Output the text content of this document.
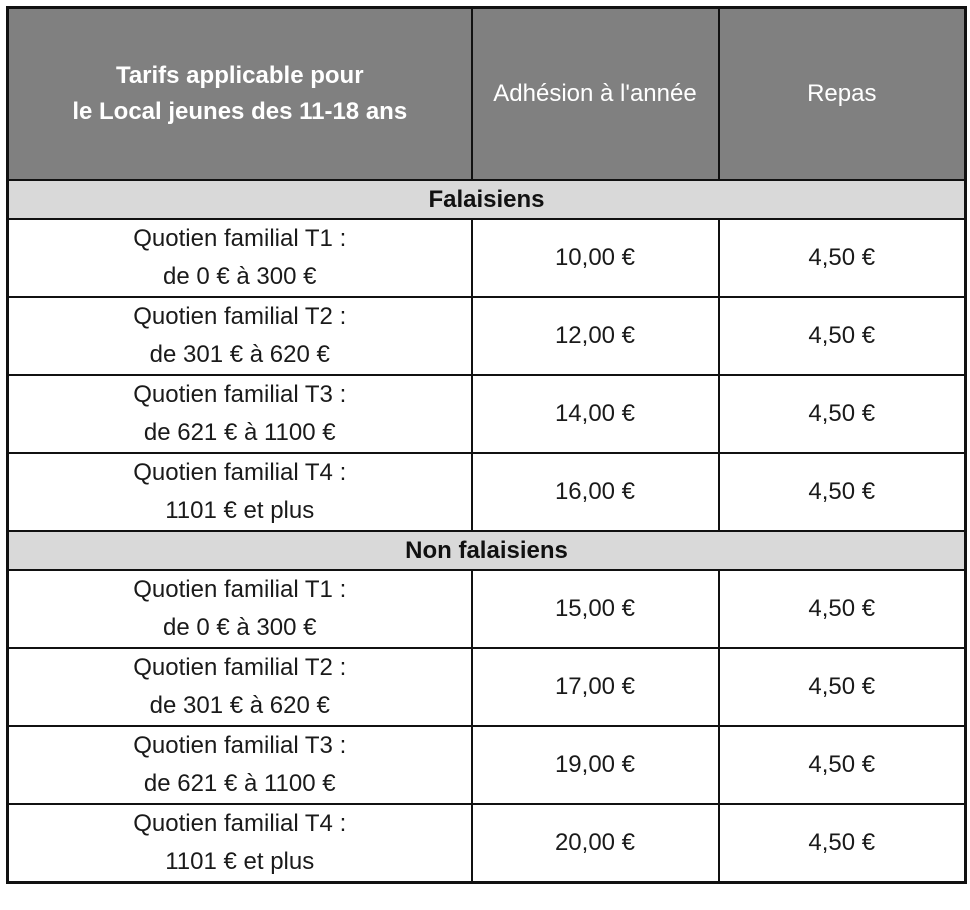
Tarifs applicable pour
le Local jeunes des 11-18 ans	Adhésion à l'année	Repas
Falaisiens		

Quotien familial T1 :
de 0 € à 300 €	10,00 €	4,50 €

Quotien familial T2 :
de 301 € à 620 €	12,00 €	4,50 €

Quotien familial T3 :
de 621 € à 1100 €	14,00 €	4,50 €

Quotien familial T4 :
1101 € et plus	16,00 €	4,50 €
Non falaisiens		

Quotien familial T1 :
de 0 € à 300 €	15,00 €	4,50 €

Quotien familial T2 :
de 301 € à 620 €	17,00 €	4,50 €

Quotien familial T3 :
de 621 € à 1100 €	19,00 €	4,50 €

Quotien familial T4 :
1101 € et plus	20,00 €	4,50 €
